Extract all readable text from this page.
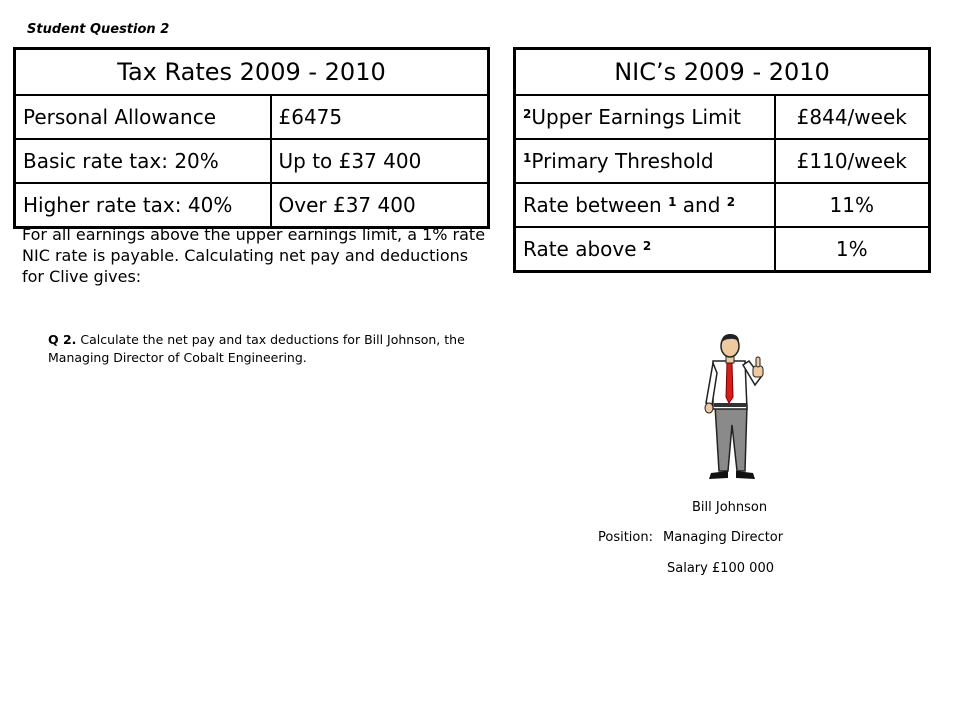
Student Question 2
Tax Rates 2009 - 2010	
Personal Allowance	£6475
Basic rate tax: 20%	Up to £37 400
Higher rate tax: 40%	Over £37 400
NIC’s 2009 - 2010	
$^2$Upper Earnings Limit	£844/week
$^1$Primary Threshold	£110/week
Rate between $^1$ and $^2$	11%
Rate above $^2$	1%
For all earnings above the upper earnings limit, a 1% rate NIC rate is payable. Calculating net pay and deductions for Clive gives:
Q 2. Calculate the net pay and tax deductions for Bill Johnson, the Managing Director of Cobalt Engineering.
Bill Johnson
Position: Managing Director
Salary £100 000
